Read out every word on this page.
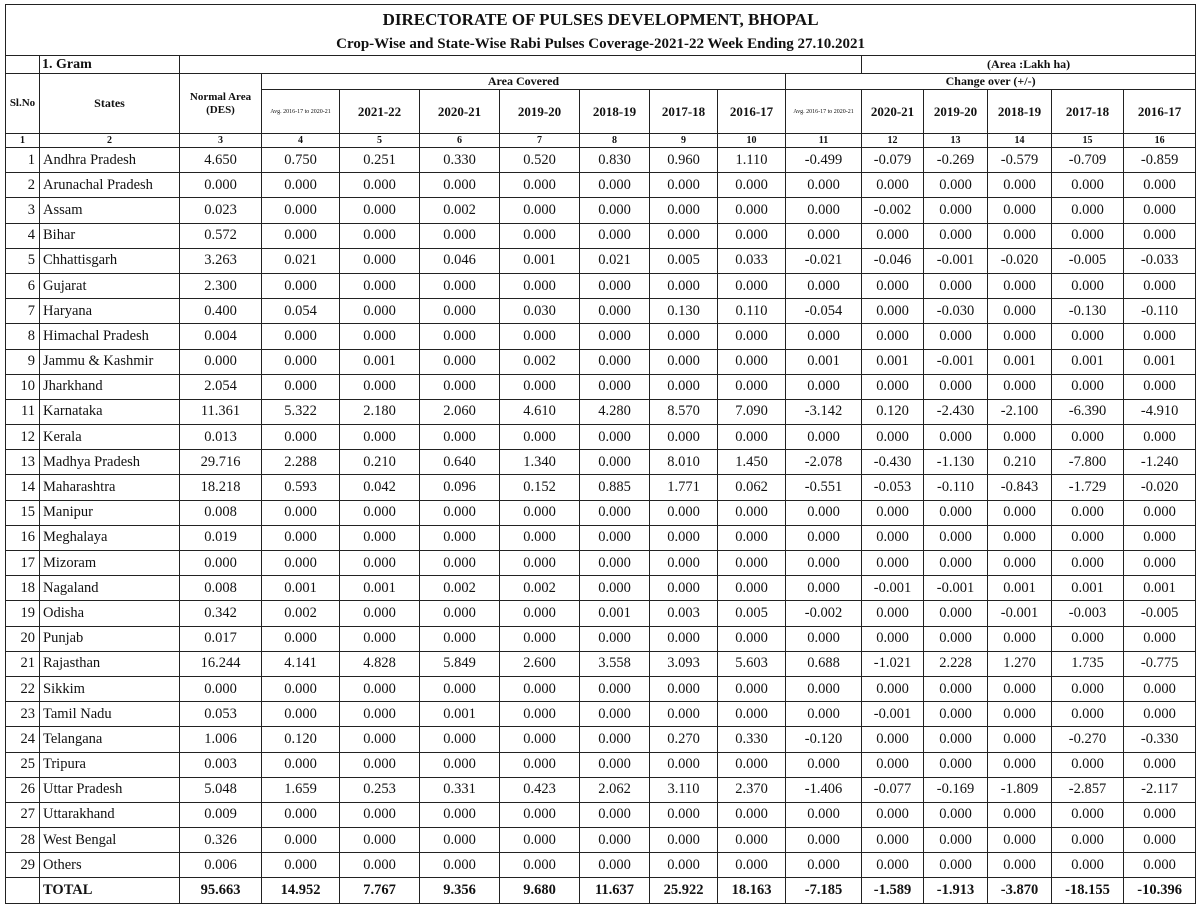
DIRECTORATE OF PULSES DEVELOPMENT, BHOPAL															
Crop-Wise and State-Wise Rabi Pulses Coverage-2021-22 Week Ending 27.10.2021															
	1. Gram										(Area :Lakh ha)				
Sl.No	States	Normal Area (DES)	Area Covered							Change over (+/-)					
			Avg. 2016-17 to 2020-21	2021-22	2020-21	2019-20	2018-19	2017-18	2016-17	Avg. 2016-17 to 2020-21	2020-21	2019-20	2018-19	2017-18	2016-17
1	2	3	4	5	6	7	8	9	10	11	12	13	14	15	16
1	Andhra Pradesh	4.650	0.750	0.251	0.330	0.520	0.830	0.960	1.110	-0.499	-0.079	-0.269	-0.579	-0.709	-0.859
2	Arunachal Pradesh	0.000	0.000	0.000	0.000	0.000	0.000	0.000	0.000	0.000	0.000	0.000	0.000	0.000	0.000
3	Assam	0.023	0.000	0.000	0.002	0.000	0.000	0.000	0.000	0.000	-0.002	0.000	0.000	0.000	0.000
4	Bihar	0.572	0.000	0.000	0.000	0.000	0.000	0.000	0.000	0.000	0.000	0.000	0.000	0.000	0.000
5	Chhattisgarh	3.263	0.021	0.000	0.046	0.001	0.021	0.005	0.033	-0.021	-0.046	-0.001	-0.020	-0.005	-0.033
6	Gujarat	2.300	0.000	0.000	0.000	0.000	0.000	0.000	0.000	0.000	0.000	0.000	0.000	0.000	0.000
7	Haryana	0.400	0.054	0.000	0.000	0.030	0.000	0.130	0.110	-0.054	0.000	-0.030	0.000	-0.130	-0.110
8	Himachal Pradesh	0.004	0.000	0.000	0.000	0.000	0.000	0.000	0.000	0.000	0.000	0.000	0.000	0.000	0.000
9	Jammu & Kashmir	0.000	0.000	0.001	0.000	0.002	0.000	0.000	0.000	0.001	0.001	-0.001	0.001	0.001	0.001
10	Jharkhand	2.054	0.000	0.000	0.000	0.000	0.000	0.000	0.000	0.000	0.000	0.000	0.000	0.000	0.000
11	Karnataka	11.361	5.322	2.180	2.060	4.610	4.280	8.570	7.090	-3.142	0.120	-2.430	-2.100	-6.390	-4.910
12	Kerala	0.013	0.000	0.000	0.000	0.000	0.000	0.000	0.000	0.000	0.000	0.000	0.000	0.000	0.000
13	Madhya Pradesh	29.716	2.288	0.210	0.640	1.340	0.000	8.010	1.450	-2.078	-0.430	-1.130	0.210	-7.800	-1.240
14	Maharashtra	18.218	0.593	0.042	0.096	0.152	0.885	1.771	0.062	-0.551	-0.053	-0.110	-0.843	-1.729	-0.020
15	Manipur	0.008	0.000	0.000	0.000	0.000	0.000	0.000	0.000	0.000	0.000	0.000	0.000	0.000	0.000
16	Meghalaya	0.019	0.000	0.000	0.000	0.000	0.000	0.000	0.000	0.000	0.000	0.000	0.000	0.000	0.000
17	Mizoram	0.000	0.000	0.000	0.000	0.000	0.000	0.000	0.000	0.000	0.000	0.000	0.000	0.000	0.000
18	Nagaland	0.008	0.001	0.001	0.002	0.002	0.000	0.000	0.000	0.000	-0.001	-0.001	0.001	0.001	0.001
19	Odisha	0.342	0.002	0.000	0.000	0.000	0.001	0.003	0.005	-0.002	0.000	0.000	-0.001	-0.003	-0.005
20	Punjab	0.017	0.000	0.000	0.000	0.000	0.000	0.000	0.000	0.000	0.000	0.000	0.000	0.000	0.000
21	Rajasthan	16.244	4.141	4.828	5.849	2.600	3.558	3.093	5.603	0.688	-1.021	2.228	1.270	1.735	-0.775
22	Sikkim	0.000	0.000	0.000	0.000	0.000	0.000	0.000	0.000	0.000	0.000	0.000	0.000	0.000	0.000
23	Tamil Nadu	0.053	0.000	0.000	0.001	0.000	0.000	0.000	0.000	0.000	-0.001	0.000	0.000	0.000	0.000
24	Telangana	1.006	0.120	0.000	0.000	0.000	0.000	0.270	0.330	-0.120	0.000	0.000	0.000	-0.270	-0.330
25	Tripura	0.003	0.000	0.000	0.000	0.000	0.000	0.000	0.000	0.000	0.000	0.000	0.000	0.000	0.000
26	Uttar Pradesh	5.048	1.659	0.253	0.331	0.423	2.062	3.110	2.370	-1.406	-0.077	-0.169	-1.809	-2.857	-2.117
27	Uttarakhand	0.009	0.000	0.000	0.000	0.000	0.000	0.000	0.000	0.000	0.000	0.000	0.000	0.000	0.000
28	West Bengal	0.326	0.000	0.000	0.000	0.000	0.000	0.000	0.000	0.000	0.000	0.000	0.000	0.000	0.000
29	Others	0.006	0.000	0.000	0.000	0.000	0.000	0.000	0.000	0.000	0.000	0.000	0.000	0.000	0.000
	TOTAL	95.663	14.952	7.767	9.356	9.680	11.637	25.922	18.163	-7.185	-1.589	-1.913	-3.870	-18.155	-10.396
